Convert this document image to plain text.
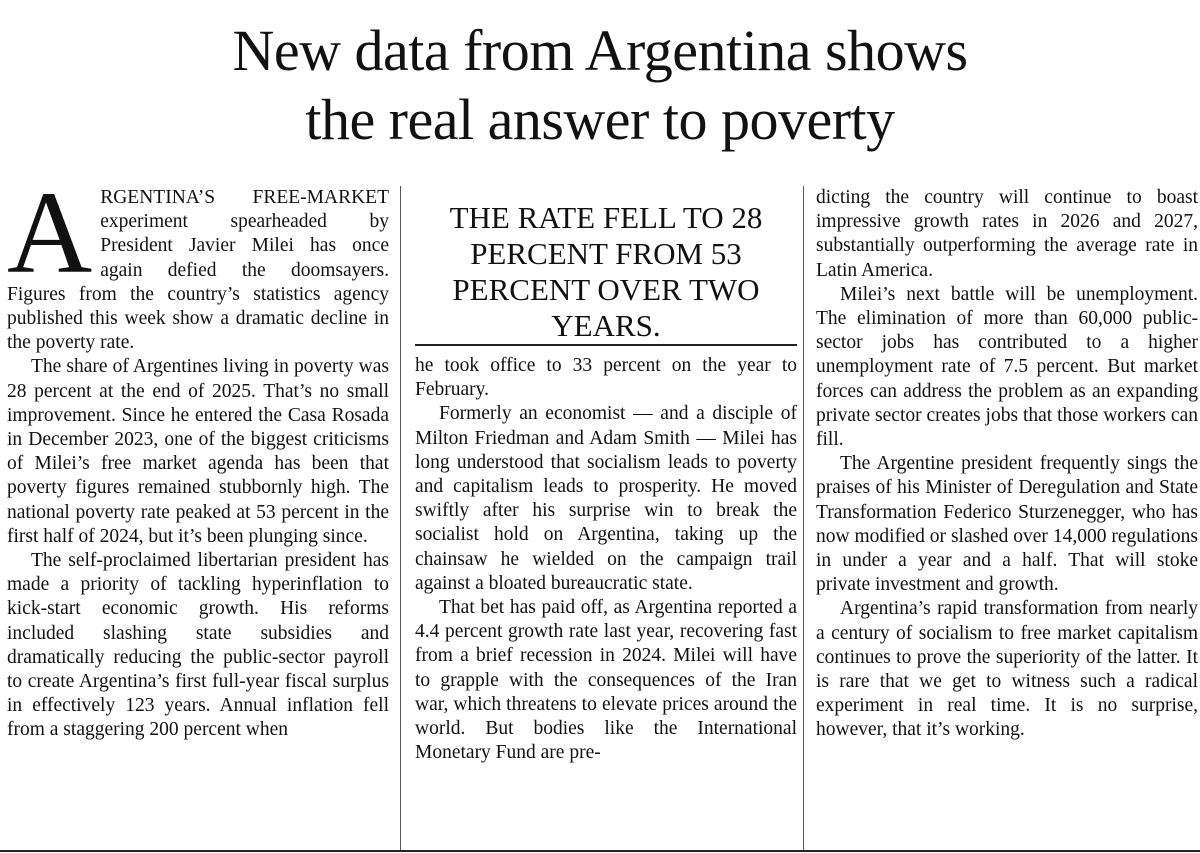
New data from Argentina shows
the real answer to poverty

ARGENTINA’S FREE-MARKET experiment spearheaded by President Javier Milei has once again defied the doomsayers. Figures from the country’s statistics agency published this week show a dramatic decline in the poverty rate.

The share of Argentines living in poverty was 28 percent at the end of 2025. That’s no small improvement. Since he entered the Casa Rosada in December 2023, one of the biggest criticisms of Milei’s free market agenda has been that poverty figures remained stubbornly high. The national poverty rate peaked at 53 percent in the first half of 2024, but it’s been plunging since.

The self-proclaimed libertarian president has made a priority of tackling hyperinflation to kick-start economic growth. His reforms included slashing state subsidies and dramatically reducing the public-sector payroll to create Argentina’s first full-year fiscal surplus in effectively 123 years. Annual inflation fell from a staggering 200 percent when

THE RATE FELL TO 28 PERCENT FROM 53 PERCENT OVER TWO YEARS.

he took office to 33 percent on the year to February.

Formerly an economist — and a disciple of Milton Friedman and Adam Smith — Milei has long understood that socialism leads to poverty and capitalism leads to prosperity. He moved swiftly after his surprise win to break the socialist hold on Argentina, taking up the chainsaw he wielded on the campaign trail against a bloated bureaucratic state.

That bet has paid off, as Argentina reported a 4.4 percent growth rate last year, recovering fast from a brief recession in 2024. Milei will have to grapple with the consequences of the Iran war, which threatens to elevate prices around the world. But bodies like the International Monetary Fund are pre-

dicting the country will continue to boast impressive growth rates in 2026 and 2027, substantially outperforming the average rate in Latin America.

Milei’s next battle will be unemployment. The elimination of more than 60,000 public-sector jobs has contributed to a higher unemployment rate of 7.5 percent. But market forces can address the problem as an expanding private sector creates jobs that those workers can fill.

The Argentine president frequently sings the praises of his Minister of Deregulation and State Transformation Federico Sturzenegger, who has now modified or slashed over 14,000 regulations in under a year and a half. That will stoke private investment and growth.

Argentina’s rapid transformation from nearly a century of socialism to free market capitalism continues to prove the superiority of the latter. It is rare that we get to witness such a radical experiment in real time. It is no surprise, however, that it’s working.
